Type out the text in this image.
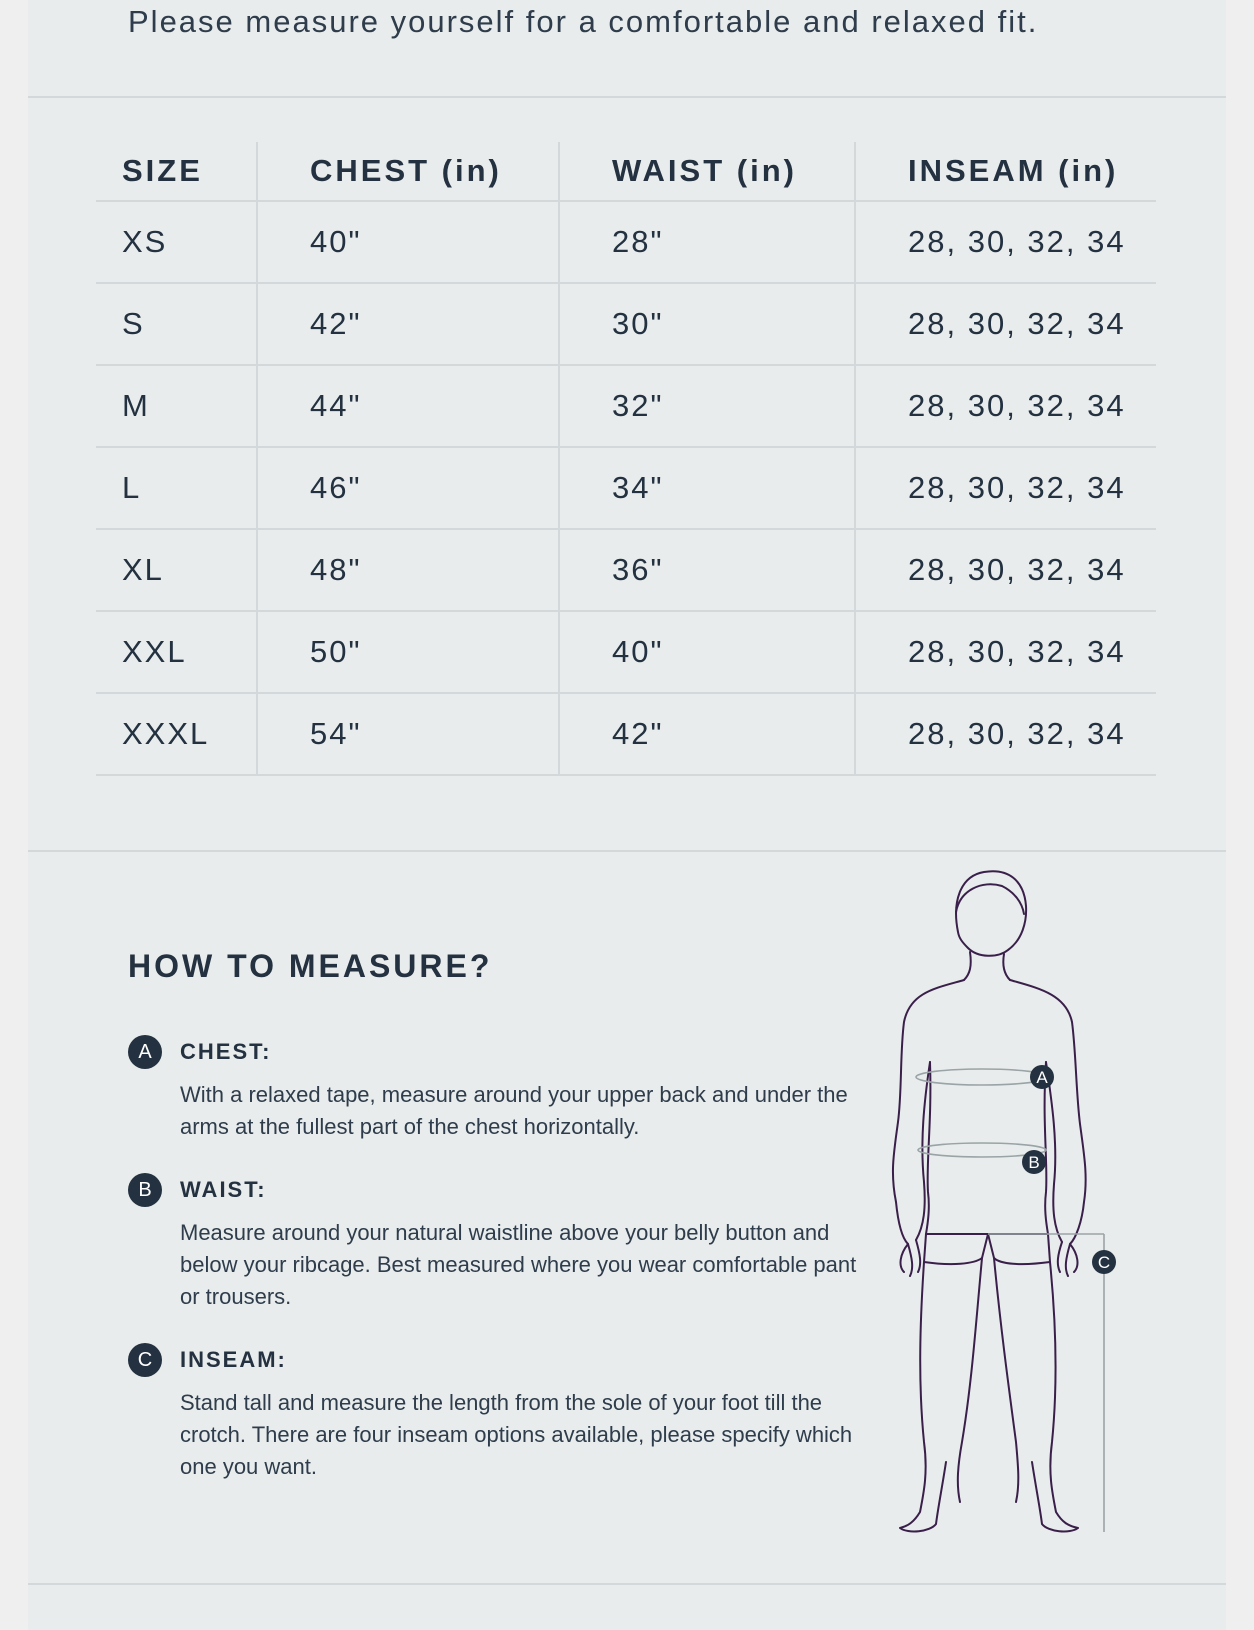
Please measure yourself for a comfortable and relaxed fit.
SIZE	CHEST (in)	WAIST (in)	INSEAM (in)
XS	40"	28"	28, 30, 32, 34
S	42"	30"	28, 30, 32, 34
M	44"	32"	28, 30, 32, 34
L	46"	34"	28, 30, 32, 34
XL	48"	36"	28, 30, 32, 34
XXL	50"	40"	28, 30, 32, 34
XXXL	54"	42"	28, 30, 32, 34
HOW TO MEASURE?
A	CHEST:
With a relaxed tape, measure around your upper back and under the arms at the fullest part of the chest horizontally.
B	WAIST:
Measure around your natural waistline above your belly button and below your ribcage. Best measured where you wear comfortable pant or trousers.
C	INSEAM:
Stand tall and measure the length from the sole of your foot till the crotch. There are four inseam options available, please specify which one you want.
A
B
C
